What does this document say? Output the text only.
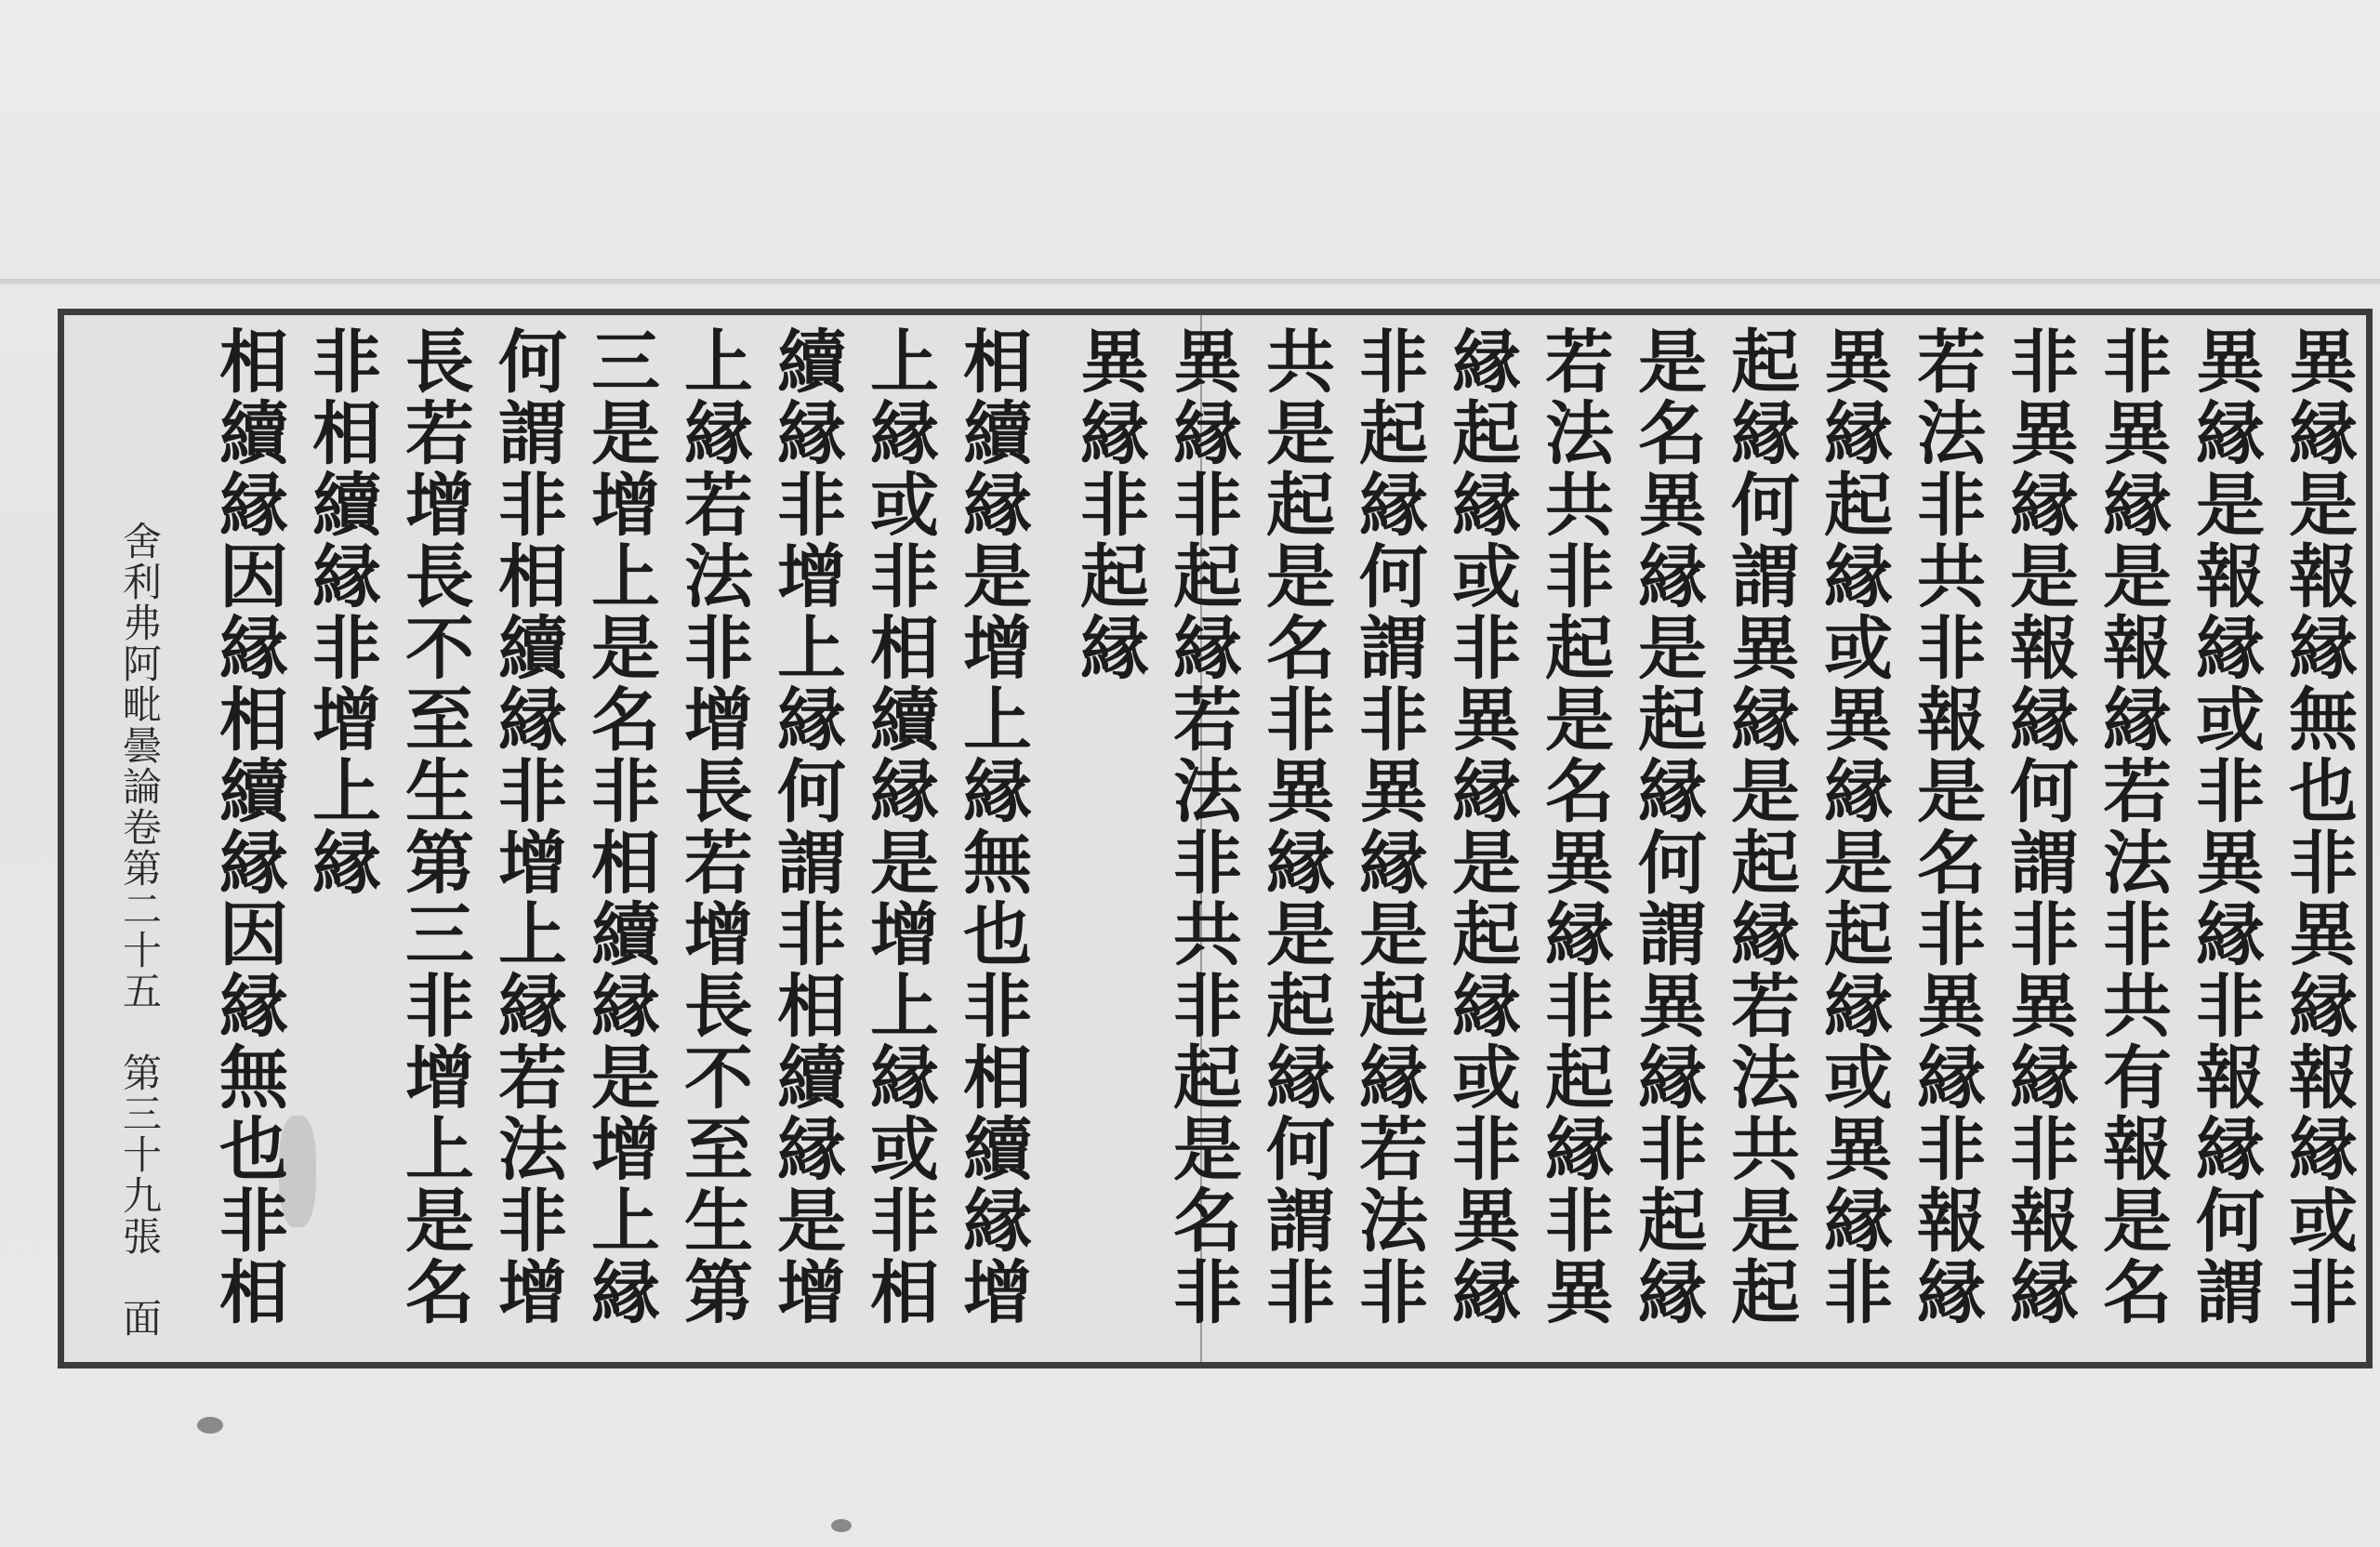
異縁是報縁無也非異縁報縁或非
異縁是報縁或非異縁非報縁何謂
非異縁是報縁若法非共有報是名
非異縁是報縁何謂非異縁非報縁
若法非共非報是名非異縁非報縁
異縁起縁或異縁是起縁或異縁非
起縁何謂異縁是起縁若法共是起
是名異縁是起縁何謂異縁非起縁
若法共非起是名異縁非起縁非異
縁起縁或非異縁是起縁或非異縁
非起縁何謂非異縁是起縁若法非
共是起是名非異縁是起縁何謂非
異縁非起縁若法非共非起是名非
異縁非起縁
相續縁是增上縁無也非相續縁增
上縁或非相續縁是增上縁或非相
續縁非增上縁何謂非相續縁是增
上縁若法非增長若增長不至生第
三是增上是名非相續縁是增上縁
何謂非相續縁非增上縁若法非增
長若增長不至生第三非增上是名
非相續縁非增上縁
相續縁因縁相續縁因縁無也非相
舍利弗阿毗曇論卷第二十五　第三十九張　面
